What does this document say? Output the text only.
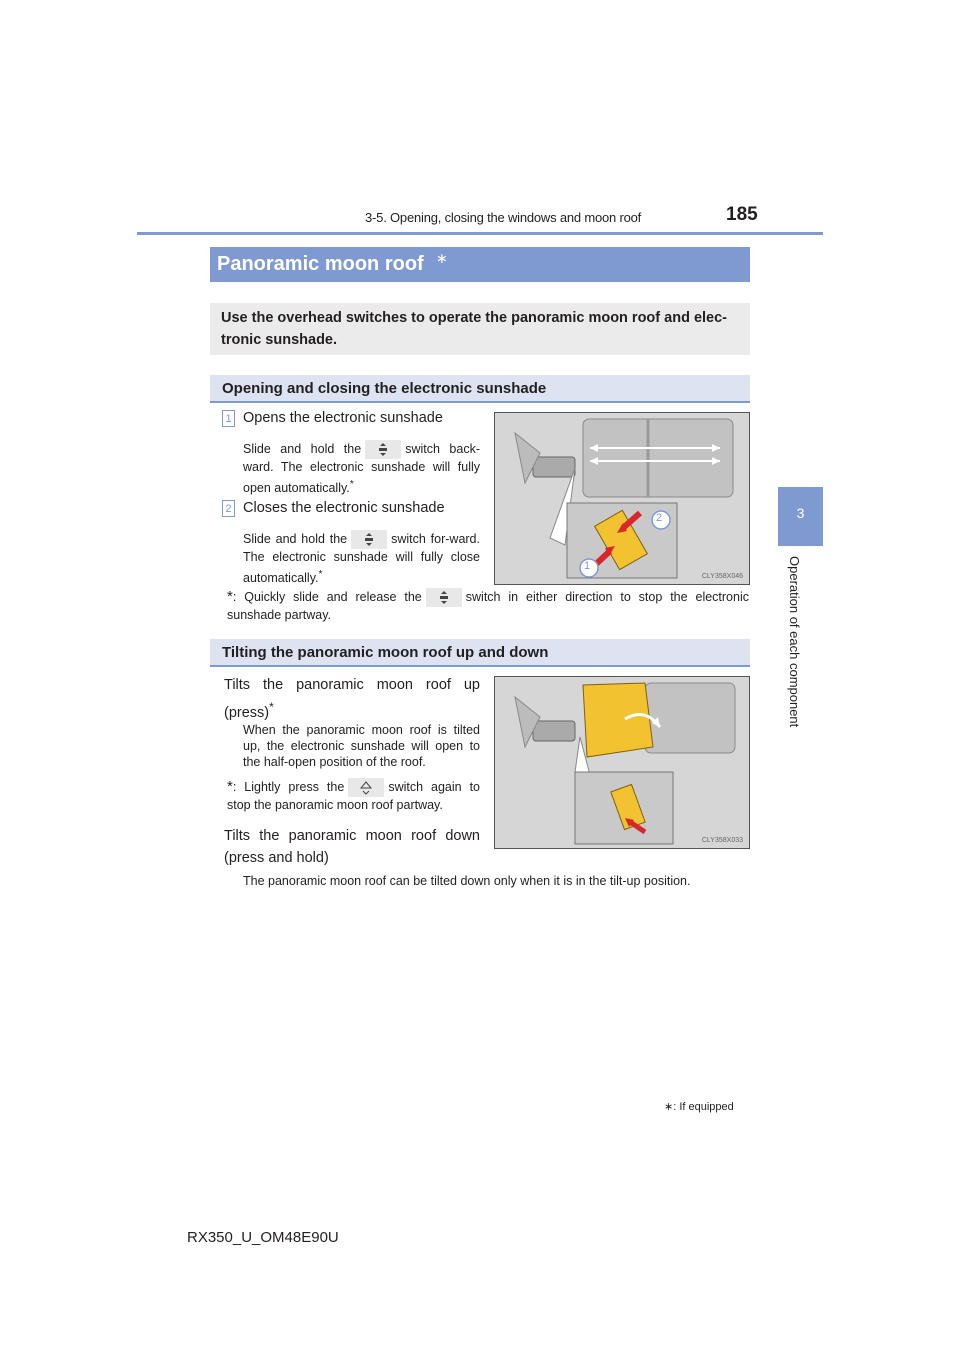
3-5. Opening, closing the windows and moon roof	185
3
Operation of each component
Panoramic moon roof ∗
Use the overhead switches to operate the panoramic moon roof and elec-tronic sunshade.
Opening and closing the electronic sunshade
1 Opens the electronic sunshade
Slide and hold the	switch back-ward. The electronic sunshade will fully open automatically.*
2 Closes the electronic sunshade
Slide and hold the	switch for-ward. The electronic sunshade will fully close automatically.*
2
1
CLY358X046
*: Quickly slide and release the	switch in either direction to stop the electronic sunshade partway.
Tilting the panoramic moon roof up and down
Tilts the panoramic moon roof up (press)*
When the panoramic moon roof is tilted up, the electronic sunshade will open to the half-open position of the roof.
*: Lightly press the	switch again to stop the panoramic moon roof partway.
Tilts the panoramic moon roof down (press and hold)
The panoramic moon roof can be tilted down only when it is in the tilt-up position.
CLY358X033
∗: If equipped
RX350_U_OM48E90U
